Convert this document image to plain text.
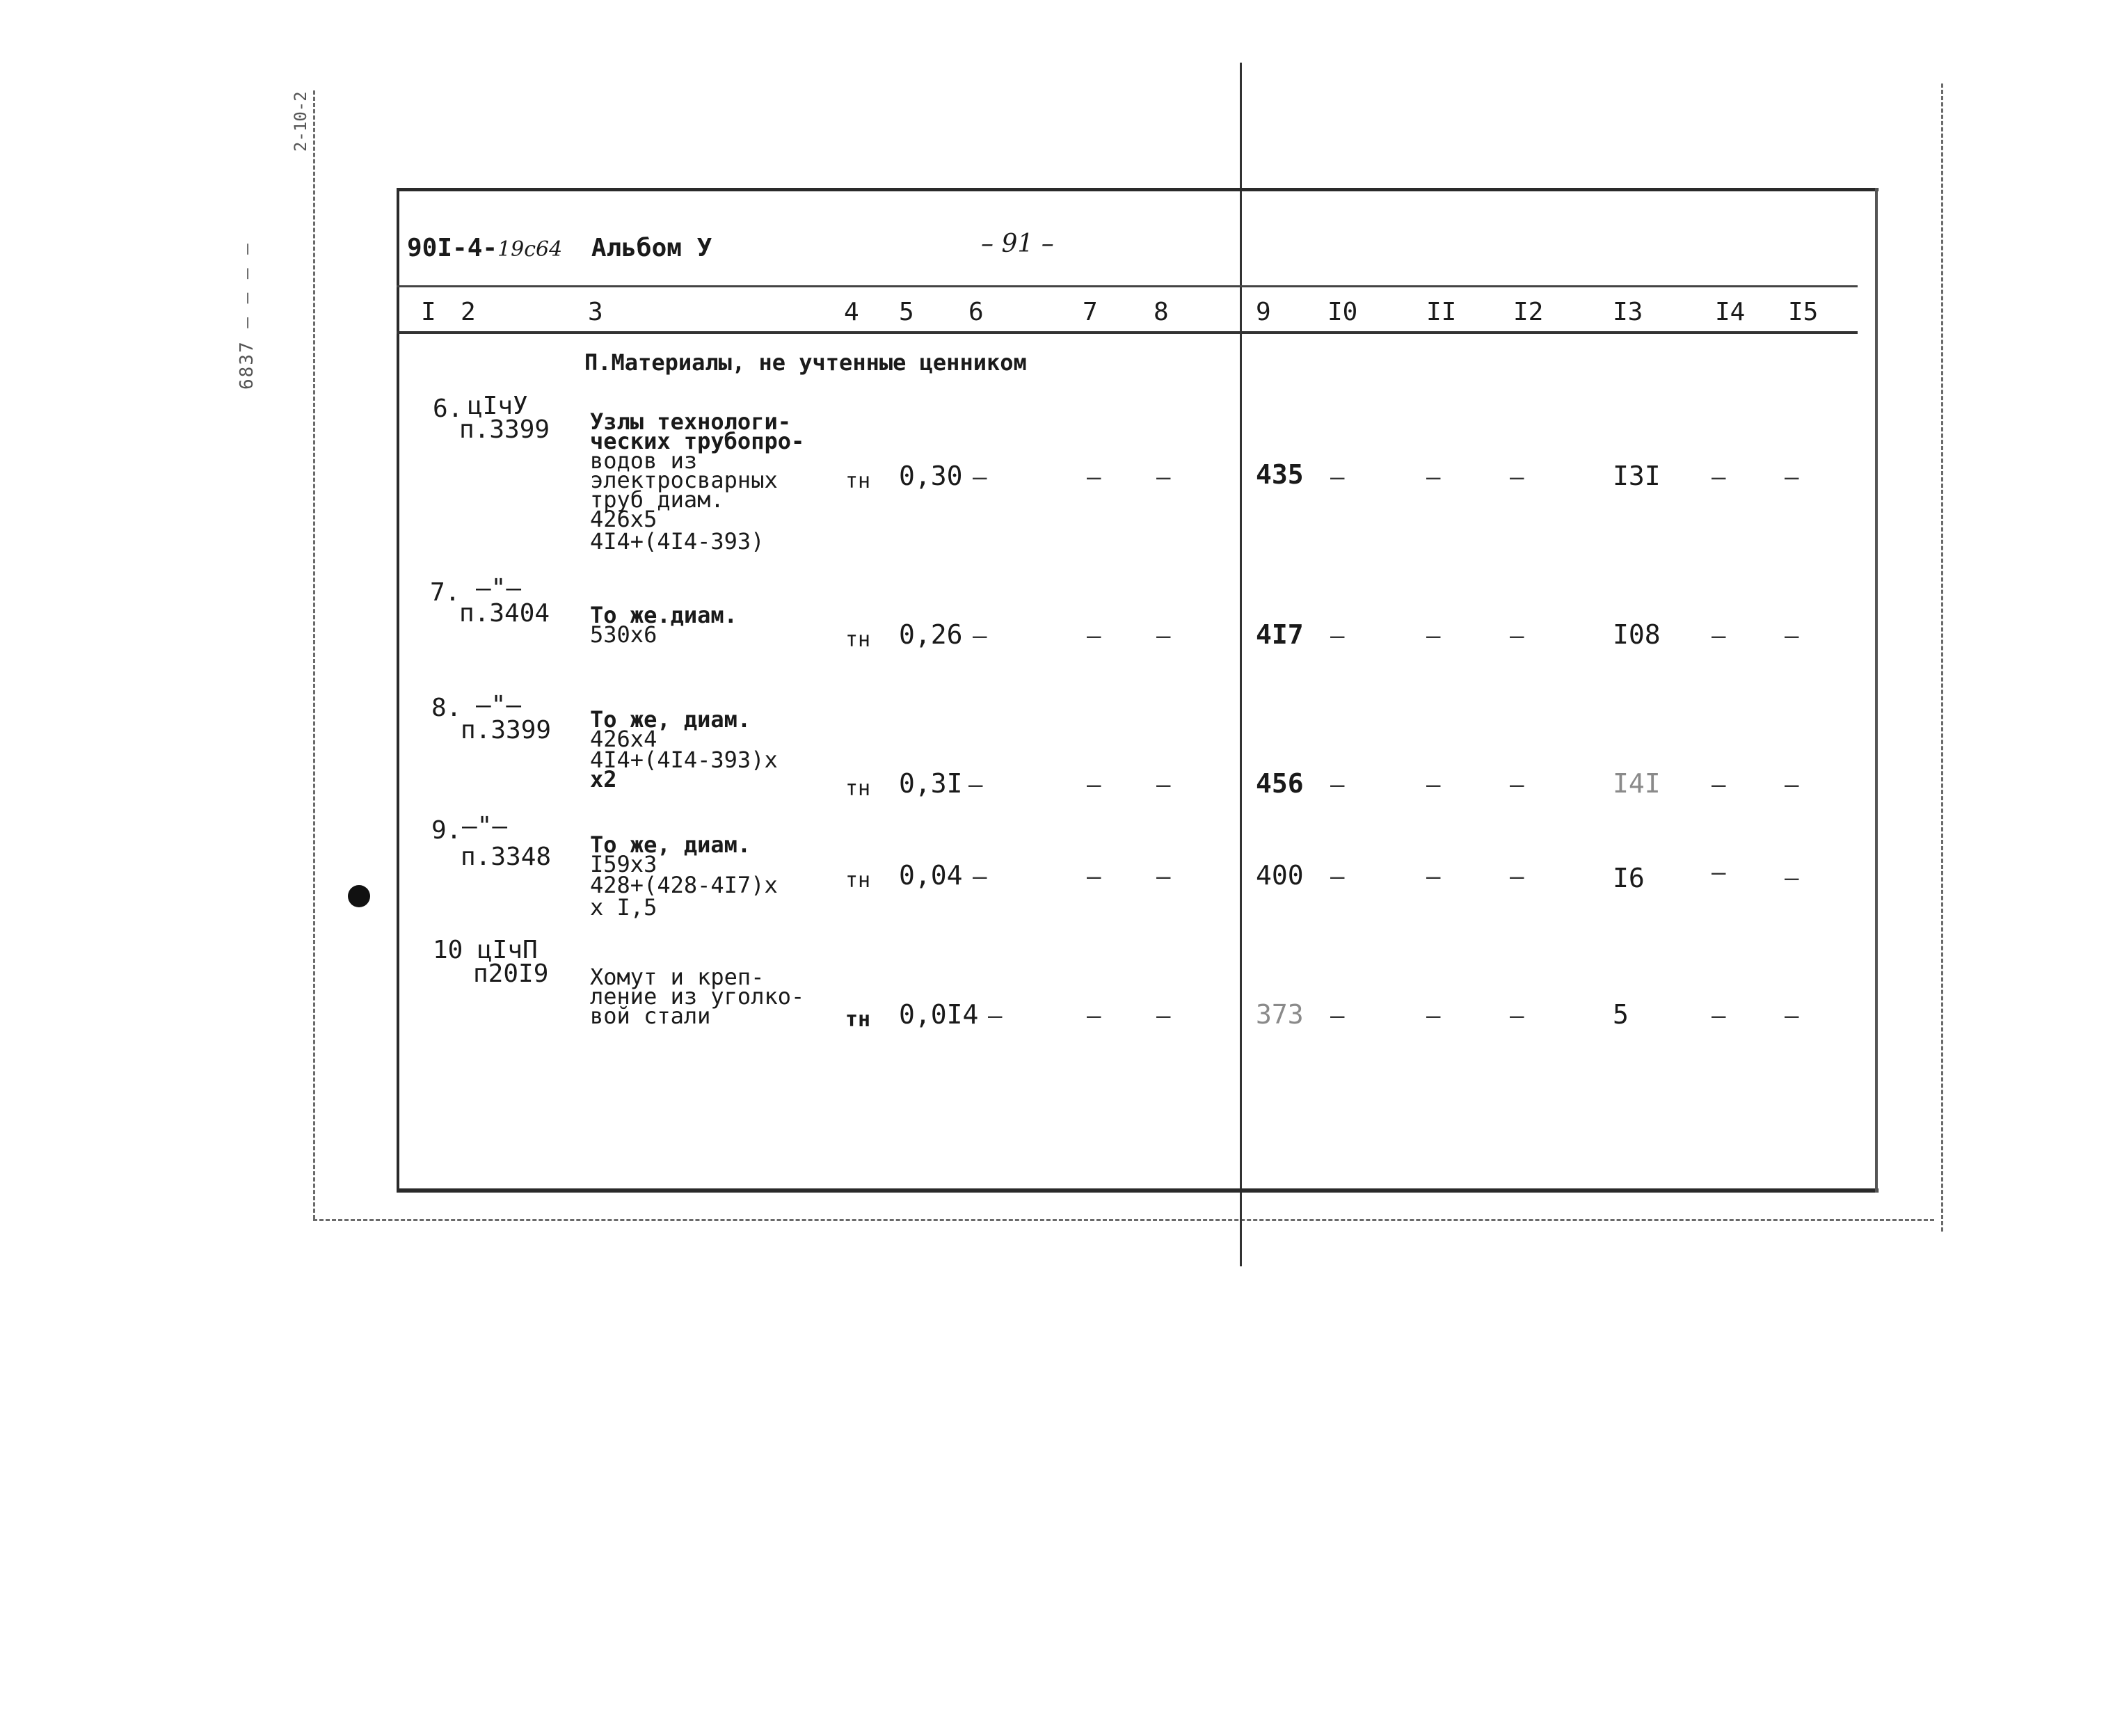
6837 — — — —
2-10-2
90I-4-19с64 Альбом У	– 91 –
I 2	3	4 5 6	7 8	9 I0	II I2	I3	I4 I5
П.Материалы, не учтенные ценником
6. цIчУ
п.3399 Узлы технологи-
ческих трубопро-
водов из
электросварных
труб диам.
426х5
4I4+(4I4-393)
тн 0,30 –	– –	435 –	–	–	I3I – –
7. –"–
п.3404 То же.диам.
530х6	тн 0,26 –	– –	4I7 –	–	–	I08 – –
8. –"–
п.3399 То же, диам.
426х4
4I4+(4I4-393)х
х2	тн 0,3I –	– –	456 –	–	–	I4I – –
9. –"–
п.3348 То же, диам.
I59х3
428+(428-4I7)х
х I,5
тн 0,04 –	– –	400 –	–	–	I6	– –
10 цIчП
п20I9 Хомут и креп-
ление из уголко-
вой стали	тн 0,0I4 –	– –	373 –	–	–	5	– –
